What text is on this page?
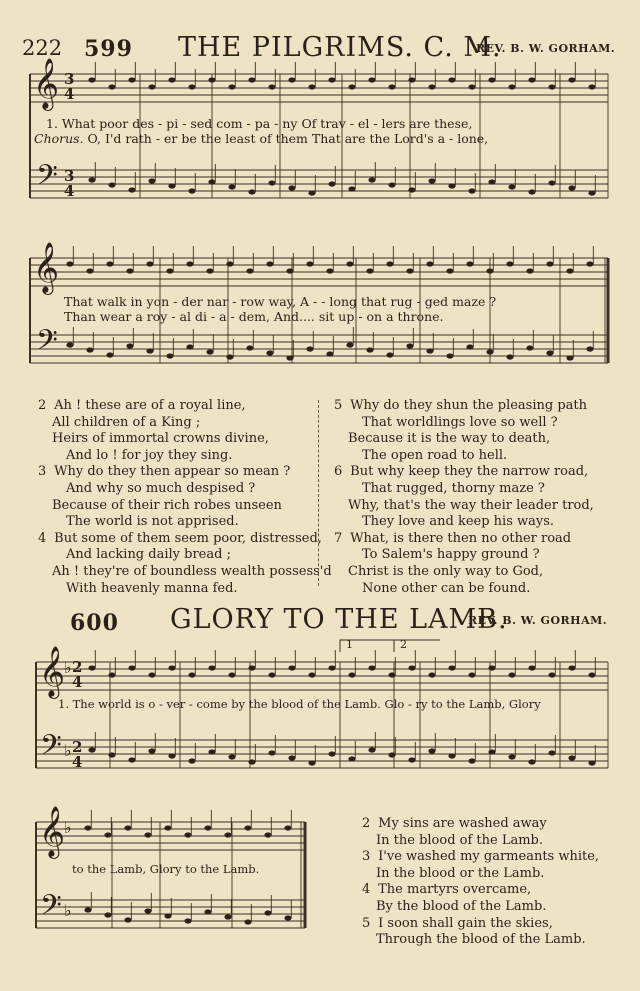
222 599 THE PILGRIMS. C. M.
REV. B. W. GORHAM.
𝄞
𝄢
𝄞
𝄢
𝄞
𝄢
𝄞
𝄢
3
4
3
4
♭ 2
4
♭ 2
4
♭
♭
1	2
1. What poor des - pi - sed com - pa - ny Of trav - el - lers are these,
Chorus. O, I'd rath - er be the least of them That are the Lord's a - lone,
That walk in yon - der nar - row way, A - - long that rug - ged maze ?
Than wear a roy - al di - a - dem, And.... sit up - on a throne.
2 Ah ! these are of a royal line,
All children of a King ;
Heirs of immortal crowns divine,
And lo ! for joy they sing.
3 Why do they then appear so mean ?
And why so much despised ?
Because of their rich robes unseen
The world is not apprised.
4 But some of them seem poor, distressed,
And lacking daily bread ;
Ah ! they're of boundless wealth possess'd
With heavenly manna fed.
5 Why do they shun the pleasing path
That worldlings love so well ?
Because it is the way to death,
The open road to hell.
6 But why keep they the narrow road,
That rugged, thorny maze ?
Why, that's the way their leader trod,
They love and keep his ways.
7 What, is there then no other road
To Salem's happy ground ?
Christ is the only way to God,
None other can be found.
600 GLORY TO THE LAMB.
REV. B. W. GORHAM.
1. The world is o - ver - come by the blood of the Lamb. Glo - ry to the Lamb, Glory
to the Lamb, Glory to the Lamb.
2 My sins are washed away
In the blood of the Lamb.
3 I've washed my garmeants white,
In the blood or the Lamb.
4 The martyrs overcame,
By the blood of the Lamb.
5 I soon shall gain the skies,
Through the blood of the Lamb.
